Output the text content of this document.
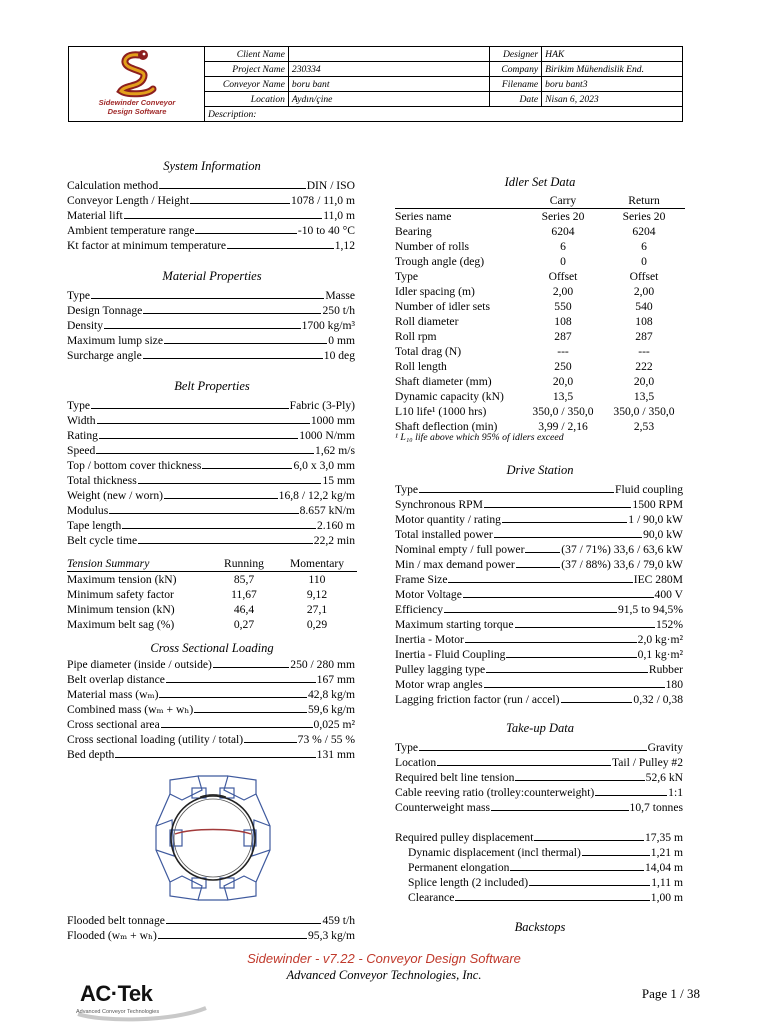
Sidewinder Conveyor
Design Software
Client Name		Designer	HAK
Project Name	230334	Company	Birikim Mühendislik End.
Conveyor Name	boru bant	Filename	boru bant3
Location	Aydın/çine	Date	Nisan 6, 2023
Description:			
System Information
Calculation method	DIN / ISO
Conveyor Length / Height	1078 / 11,0 m
Material lift	11,0 m
Ambient temperature range	-10 to 40 °C
Kt factor at minimum temperature	1,12
Material Properties
Type	Masse
Design Tonnage	250 t/h
Density	1700 kg/m³
Maximum lump size	0 mm
Surcharge angle	10 deg
Belt Properties
Type	Fabric (3-Ply)
Width	1000 mm
Rating	1000 N/mm
Speed	1,62 m/s
Top / bottom cover thickness	6,0 x 3,0 mm
Total thickness	15 mm
Weight (new / worn)	16,8 / 12,2 kg/m
Modulus	8.657 kN/m
Tape length	2.160 m
Belt cycle time	22,2 min
Tension Summary	Running	Momentary
Maximum tension (kN)	85,7	110
Minimum safety factor	11,67	9,12
Minimum tension (kN)	46,4	27,1
Maximum belt sag (%)	0,27	0,29
Cross Sectional Loading
Pipe diameter (inside / outside)	250 / 280 mm
Belt overlap distance	167 mm
Material mass (wₘ)	42,8 kg/m
Combined mass (wₘ + wₕ)	59,6 kg/m
Cross sectional area	0,025 m²
Cross sectional loading (utility / total)	73 % / 55 %
Bed depth	131 mm
Flooded belt tonnage	459 t/h
Flooded (wₘ + wₕ)	95,3 kg/m
Idler Set Data
	Carry	Return
Series name	Series 20	Series 20
Bearing	6204	6204
Number of rolls	6	6
Trough angle (deg)	0	0
Type	Offset	Offset
Idler spacing (m)	2,00	2,00
Number of idler sets	550	540
Roll diameter	108	108
Roll rpm	287	287
Total drag (N)	---	---
Roll length	250	222
Shaft diameter (mm)	20,0	20,0
Dynamic capacity (kN)	13,5	13,5
L10 life¹ (1000 hrs)	350,0 / 350,0	350,0 / 350,0
Shaft deflection (min)	3,99 / 2,16	2,53
¹ L₁₀ life above which 95% of idlers exceed
Drive Station
Type	Fluid coupling
Synchronous RPM	1500 RPM
Motor quantity / rating	1 / 90,0 kW
Total installed power	90,0 kW
Nominal empty / full power	(37 / 71%) 33,6 / 63,6 kW
Min / max demand power	(37 / 88%) 33,6 / 79,0 kW
Frame Size	IEC 280M
Motor Voltage	400 V
Efficiency	91,5 to 94,5%
Maximum starting torque	152%
Inertia - Motor	2,0 kg·m²
Inertia - Fluid Coupling	0,1 kg·m²
Pulley lagging type	Rubber
Motor wrap angles	180
Lagging friction factor (run / accel)	0,32 / 0,38
Take-up Data
Type	Gravity
Location	Tail / Pulley #2
Required belt line tension	52,6 kN
Cable reeving ratio (trolley:counterweight)	1:1
Counterweight mass	10,7 tonnes
Required pulley displacement	17,35 m
Dynamic displacement (incl thermal)	1,21 m
Permanent elongation	14,04 m
Splice length (2 included)	1,11 m
Clearance	1,00 m
Backstops
Sidewinder - v7.22 - Conveyor Design Software
Advanced Conveyor Technologies, Inc.
AC·Tek
Advanced Conveyor Technologies
Page 1 / 38
